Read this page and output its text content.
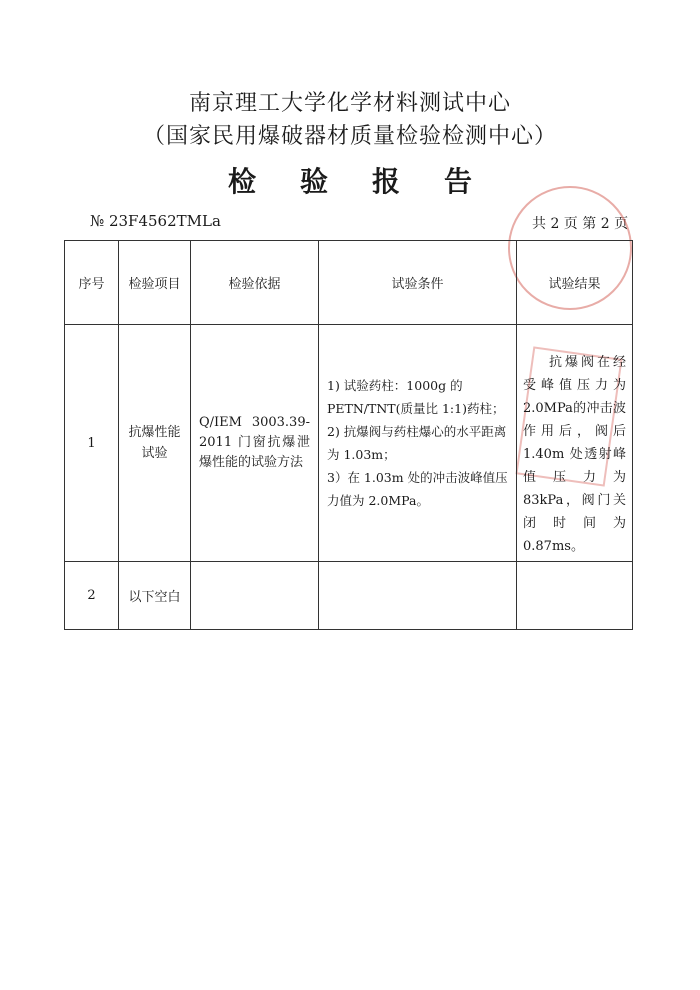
南京理工大学化学材料测试中心
（国家民用爆破器材质量检验检测中心）
检 验 报 告
№ 23F4562TMLa	共 2 页 第 2 页
序号	检验项目	检验依据	试验条件	试验结果
1	抗爆性能试验	Q/IEM 3003.39-2011 门窗抗爆泄爆性能的试验方法	1) 试验药柱：1000g 的 PETN/TNT(质量比 1:1)药柱；
2) 抗爆阀与药柱爆心的水平距离为 1.03m；
3）在 1.03m 处的冲击波峰值压力值为 2.0MPa。	抗爆阀在经受峰值压力为2.0MPa的冲击波作用后，阀后1.40m 处透射峰值压力为 83kPa，阀门关闭时间为0.87ms。

2	以下空白			
